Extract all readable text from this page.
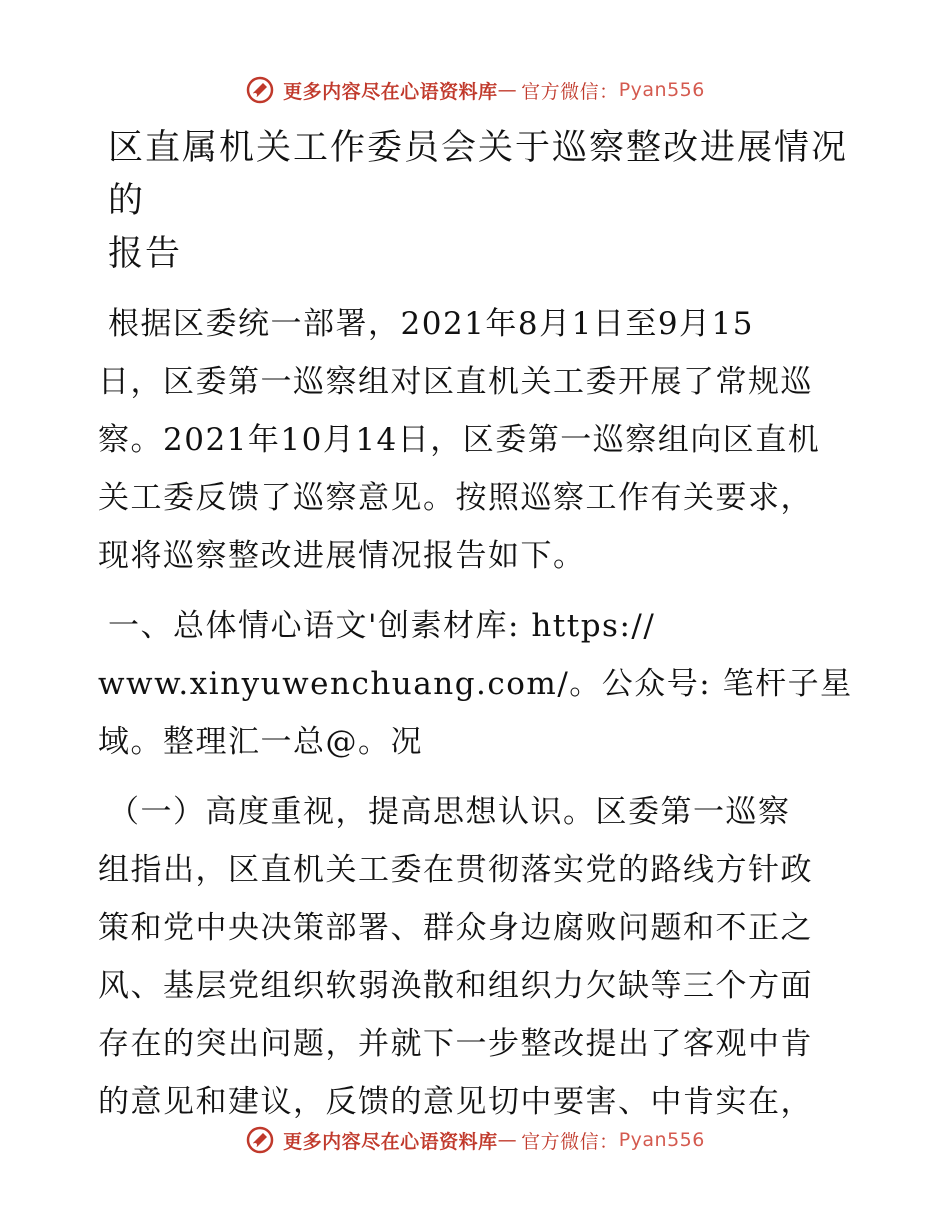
更多内容尽在心语资料库 — 官方微信： Pyan556
区直属机关工作委员会关于巡察整改进展情况的
报告

根据区委统一部署，2021年8月1日至9月15
日，区委第一巡察组对区直机关工委开展了常规巡
察。2021年10月14日，区委第一巡察组向区直机
关工委反馈了巡察意见。按照巡察工作有关要求，
现将巡察整改进展情况报告如下。

一、总体情心语文'创素材库: https://
www.xinyuwenchuang.com/。公众号: 笔杆子星
域。整理汇一总@。况

（一）高度重视，提高思想认识。区委第一巡察
组指出，区直机关工委在贯彻落实党的路线方针政
策和党中央决策部署、群众身边腐败问题和不正之
风、基层党组织软弱涣散和组织力欠缺等三个方面
存在的突出问题，并就下一步整改提出了客观中肯
的意见和建议，反馈的意见切中要害、中肯实在，

更多内容尽在心语资料库 — 官方微信： Pyan556
